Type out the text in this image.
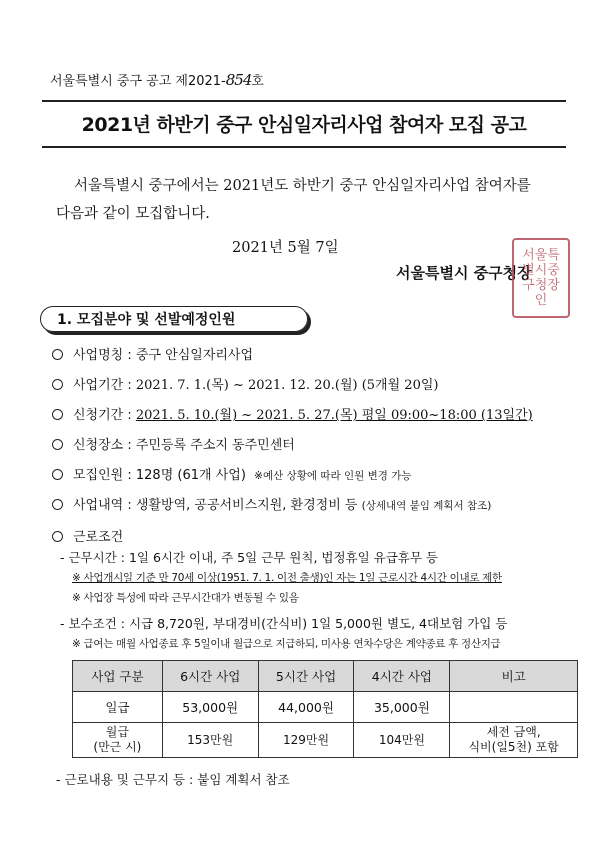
서울특별시 중구 공고 제2021-854호
2021년 하반기 중구 안심일자리사업 참여자 모집 공고
서울특별시 중구에서는 2021년도 하반기 중구 안심일자리사업 참여자를
다음과 같이 모집합니다.
2021년 5월 7일
서울특별시 중구청장
서울특별시중구청장인
1. 모집분야 및 선발예정인원
사업명칭 : 중구 안심일자리사업
사업기간 : 2021. 7. 1.(목) ~ 2021. 12. 20.(월) (5개월 20일)
신청기간 : 2021. 5. 10.(월) ~ 2021. 5. 27.(목) 평일 09:00~18:00 (13일간)
신청장소 : 주민등록 주소지 동주민센터
모집인원 : 128명 (61개 사업) ※예산 상황에 따라 인원 변경 가능
사업내역 : 생활방역, 공공서비스지원, 환경정비 등 (상세내역 붙임 계획서 참조)
근로조건
- 근무시간 : 1일 6시간 이내, 주 5일 근무 원칙, 법정휴일 유급휴무 등
※ 사업개시일 기준 만 70세 이상(1951. 7. 1. 이전 출생)인 자는 1일 근로시간 4시간 이내로 제한
※ 사업장 특성에 따라 근무시간대가 변동될 수 있음
- 보수조건 : 시급 8,720원, 부대경비(간식비) 1일 5,000원 별도, 4대보험 가입 등
※ 급여는 매월 사업종료 후 5일이내 월급으로 지급하되, 미사용 연차수당은 계약종료 후 정산지급
사업 구분	6시간 사업	5시간 사업	4시간 사업	비고
일급	53,000원	44,000원	35,000원	
월급
(만근 시)	153만원	129만원	104만원	세전 금액,
식비(일5천) 포함
- 근로내용 및 근무지 등 : 붙임 계획서 참조
